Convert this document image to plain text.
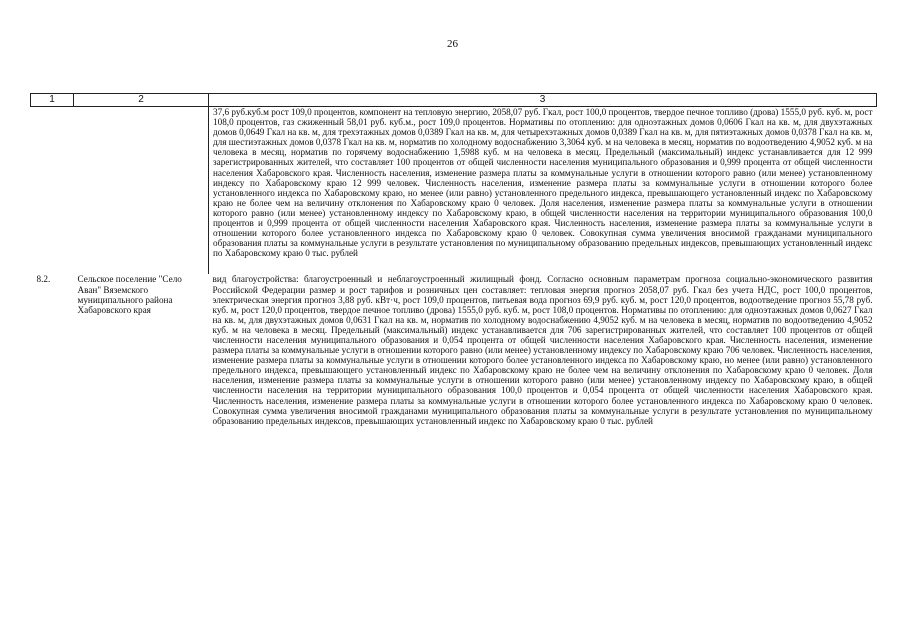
26
1	2	3
		37,6 руб.куб.м рост 109,0 процентов, компонент на тепловую энергию, 2058,07 руб. Гкал, рост 100,0 процентов, твердое печное топливо (дрова) 1555,0 руб. куб. м, рост 108,0 процентов, газ сжиженный 58,01 руб. куб.м., рост 109,0 процентов. Нормативы по отоплению: для одноэтажных домов 0,0606 Гкал на кв. м, для двухэтажных домов 0,0649 Гкал на кв. м, для трехэтажных домов 0,0389 Гкал на кв. м, для четырехэтажных домов 0,0389 Гкал на кв. м, для пятиэтажных домов 0,0378 Гкал на кв. м, для шестиэтажных домов 0,0378 Гкал на кв. м, норматив по холодному водоснабжению 3,3064 куб. м на человека в месяц, норматив по водоотведению 4,9052 куб. м на человека в месяц, норматив по горячему водоснабжению 1,5988 куб. м на человека в месяц. Предельный (максимальный) индекс устанавливается для 12 999 зарегистрированных жителей, что составляет 100 процентов от общей численности населения муниципального образования и 0,999 процента от общей численности населения Хабаровского края. Численность населения, изменение размера платы за коммунальные услуги в отношении которого равно (или менее) установленному индексу по Хабаровскому краю 12 999 человек. Численность населения, изменение размера платы за коммунальные услуги в отношении которого более установленного индекса по Хабаровскому краю, но менее (или равно) установленного предельного индекса, превышающего установленный индекс по Хабаровскому краю не более чем на величину отклонения по Хабаровскому краю 0 человек. Доля населения, изменение размера платы за коммунальные услуги в отношении которого равно (или менее) установленному индексу по Хабаровскому краю, в общей численности населения на территории муниципального образования 100,0 процентов и 0,999 процента от общей численности населения Хабаровского края. Численность населения, изменение размера платы за коммунальные услуги в отношении которого более установленного индекса по Хабаровскому краю 0 человек. Совокупная сумма увеличения вносимой гражданами муниципального образования платы за коммунальные услуги в результате установления по муниципальному образованию предельных индексов, превышающих установленный индекс по Хабаровскому краю 0 тыс. рублей
8.2.	Сельское поселение "Село Аван" Вяземского муниципального района Хабаровского края	вид благоустройства: благоустроенный и неблагоустроенный жилищный фонд. Согласно основным параметрам прогноза социально-экономического развития Российской Федерации размер и рост тарифов и розничных цен составляет: тепловая энергия прогноз 2058,07 руб. Гкал без учета НДС, рост 100,0 процентов, электрическая энергия прогноз 3,88 руб. кВт·ч, рост 109,0 процентов, питьевая вода прогноз 69,9 руб. куб. м, рост 120,0 процентов, водоотведение прогноз 55,78 руб. куб. м, рост 120,0 процентов, твердое печное топливо (дрова) 1555,0 руб. куб. м, рост 108,0 процентов. Нормативы по отоплению: для одноэтажных домов 0,0627 Гкал на кв. м, для двухэтажных домов 0,0631 Гкал на кв. м, норматив по холодному водоснабжению 4,9052 куб. м на человека в месяц, норматив по водоотведению 4,9052 куб. м на человека в месяц. Предельный (максимальный) индекс устанавливается для 706 зарегистрированных жителей, что составляет 100 процентов от общей численности населения муниципального образования и 0,054 процента от общей численности населения Хабаровского края. Численность населения, изменение размера платы за коммунальные услуги в отношении которого равно (или менее) установленному индексу по Хабаровскому краю 706 человек. Численность населения, изменение размера платы за коммунальные услуги в отношении которого более установленного индекса по Хабаровскому краю, но менее (или равно) установленного предельного индекса, превышающего установленный индекс по Хабаровскому краю не более чем на величину отклонения по Хабаровскому краю 0 человек. Доля населения, изменение размера платы за коммунальные услуги в отношении которого равно (или менее) установленному индексу по Хабаровскому краю, в общей численности населения на территории муниципального образования 100,0 процентов и 0,054 процента от общей численности населения Хабаровского края. Численность населения, изменение размера платы за коммунальные услуги в отношении которого более установленного индекса по Хабаровскому краю 0 человек. Совокупная сумма увеличения вносимой гражданами муниципального образования платы за коммунальные услуги в результате установления по муниципальному образованию предельных индексов, превышающих установленный индекс по Хабаровскому краю 0 тыс. рублей
